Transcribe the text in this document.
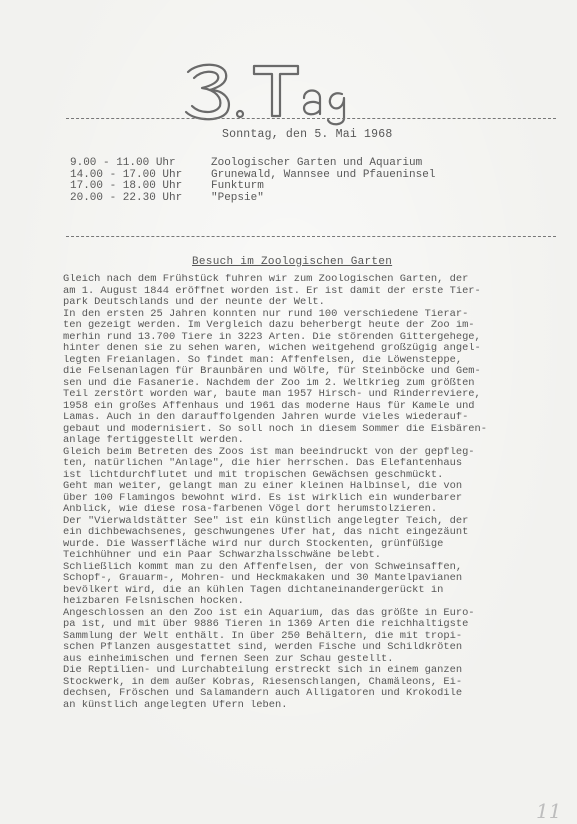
Sonntag, den 5. Mai 1968
9.00 - 11.00 Uhr	Zoologischer Garten und Aquarium
14.00 - 17.00 Uhr	Grunewald, Wannsee und Pfaueninsel
17.00 - 18.00 Uhr	Funkturm
20.00 - 22.30 Uhr	"Pepsie"
Besuch im Zoologischen Garten
Gleich nach dem Frühstück fuhren wir zum Zoologischen Garten, der
am 1. August 1844 eröffnet worden ist. Er ist damit der erste Tier-
park Deutschlands und der neunte der Welt.
In den ersten 25 Jahren konnten nur rund 100 verschiedene Tierar-
ten gezeigt werden. Im Vergleich dazu beherbergt heute der Zoo im-
merhin rund 13.700 Tiere in 3223 Arten. Die störenden Gittergehege,
hinter denen sie zu sehen waren, wichen weitgehend großzügig angel-
legten Freianlagen. So findet man: Affenfelsen, die Löwensteppe,
die Felsenanlagen für Braunbären und Wölfe, für Steinböcke und Gem-
sen und die Fasanerie. Nachdem der Zoo im 2. Weltkrieg zum größten
Teil zerstört worden war, baute man 1957 Hirsch- und Rinderreviere,
1958 ein großes Affenhaus und 1961 das moderne Haus für Kamele und
Lamas. Auch in den darauffolgenden Jahren wurde vieles wiederauf-
gebaut und modernisiert. So soll noch in diesem Sommer die Eisbären-
anlage fertiggestellt werden.
Gleich beim Betreten des Zoos ist man beeindruckt von der gepfleg-
ten, natürlichen "Anlage", die hier herrschen. Das Elefantenhaus
ist lichtdurchflutet und mit tropischen Gewächsen geschmückt.
Geht man weiter, gelangt man zu einer kleinen Halbinsel, die von
über 100 Flamingos bewohnt wird. Es ist wirklich ein wunderbarer
Anblick, wie diese rosa-farbenen Vögel dort herumstolzieren.
Der "Vierwaldstätter See" ist ein künstlich angelegter Teich, der
ein dichbewachsenes, geschwungenes Ufer hat, das nicht eingezäunt
wurde. Die Wasserfläche wird nur durch Stockenten, grünfüßige
Teichhühner und ein Paar Schwarzhalsschwäne belebt.
Schließlich kommt man zu den Affenfelsen, der von Schweinsaffen,
Schopf-, Grauarm-, Mohren- und Heckmakaken und 30 Mantelpavianen
bevölkert wird, die an kühlen Tagen dichtaneinandergerückt in
heizbaren Felsnischen hocken.
Angeschlossen an den Zoo ist ein Aquarium, das das größte in Euro-
pa ist, und mit über 9886 Tieren in 1369 Arten die reichhaltigste
Sammlung der Welt enthält. In über 250 Behältern, die mit tropi-
schen Pflanzen ausgestattet sind, werden Fische und Schildkröten
aus einheimischen und fernen Seen zur Schau gestellt.
Die Reptilien- und Lurchabteilung erstreckt sich in einem ganzen
Stockwerk, in dem außer Kobras, Riesenschlangen, Chamäleons, Ei-
dechsen, Fröschen und Salamandern auch Alligatoren und Krokodile
an künstlich angelegten Ufern leben.
11
